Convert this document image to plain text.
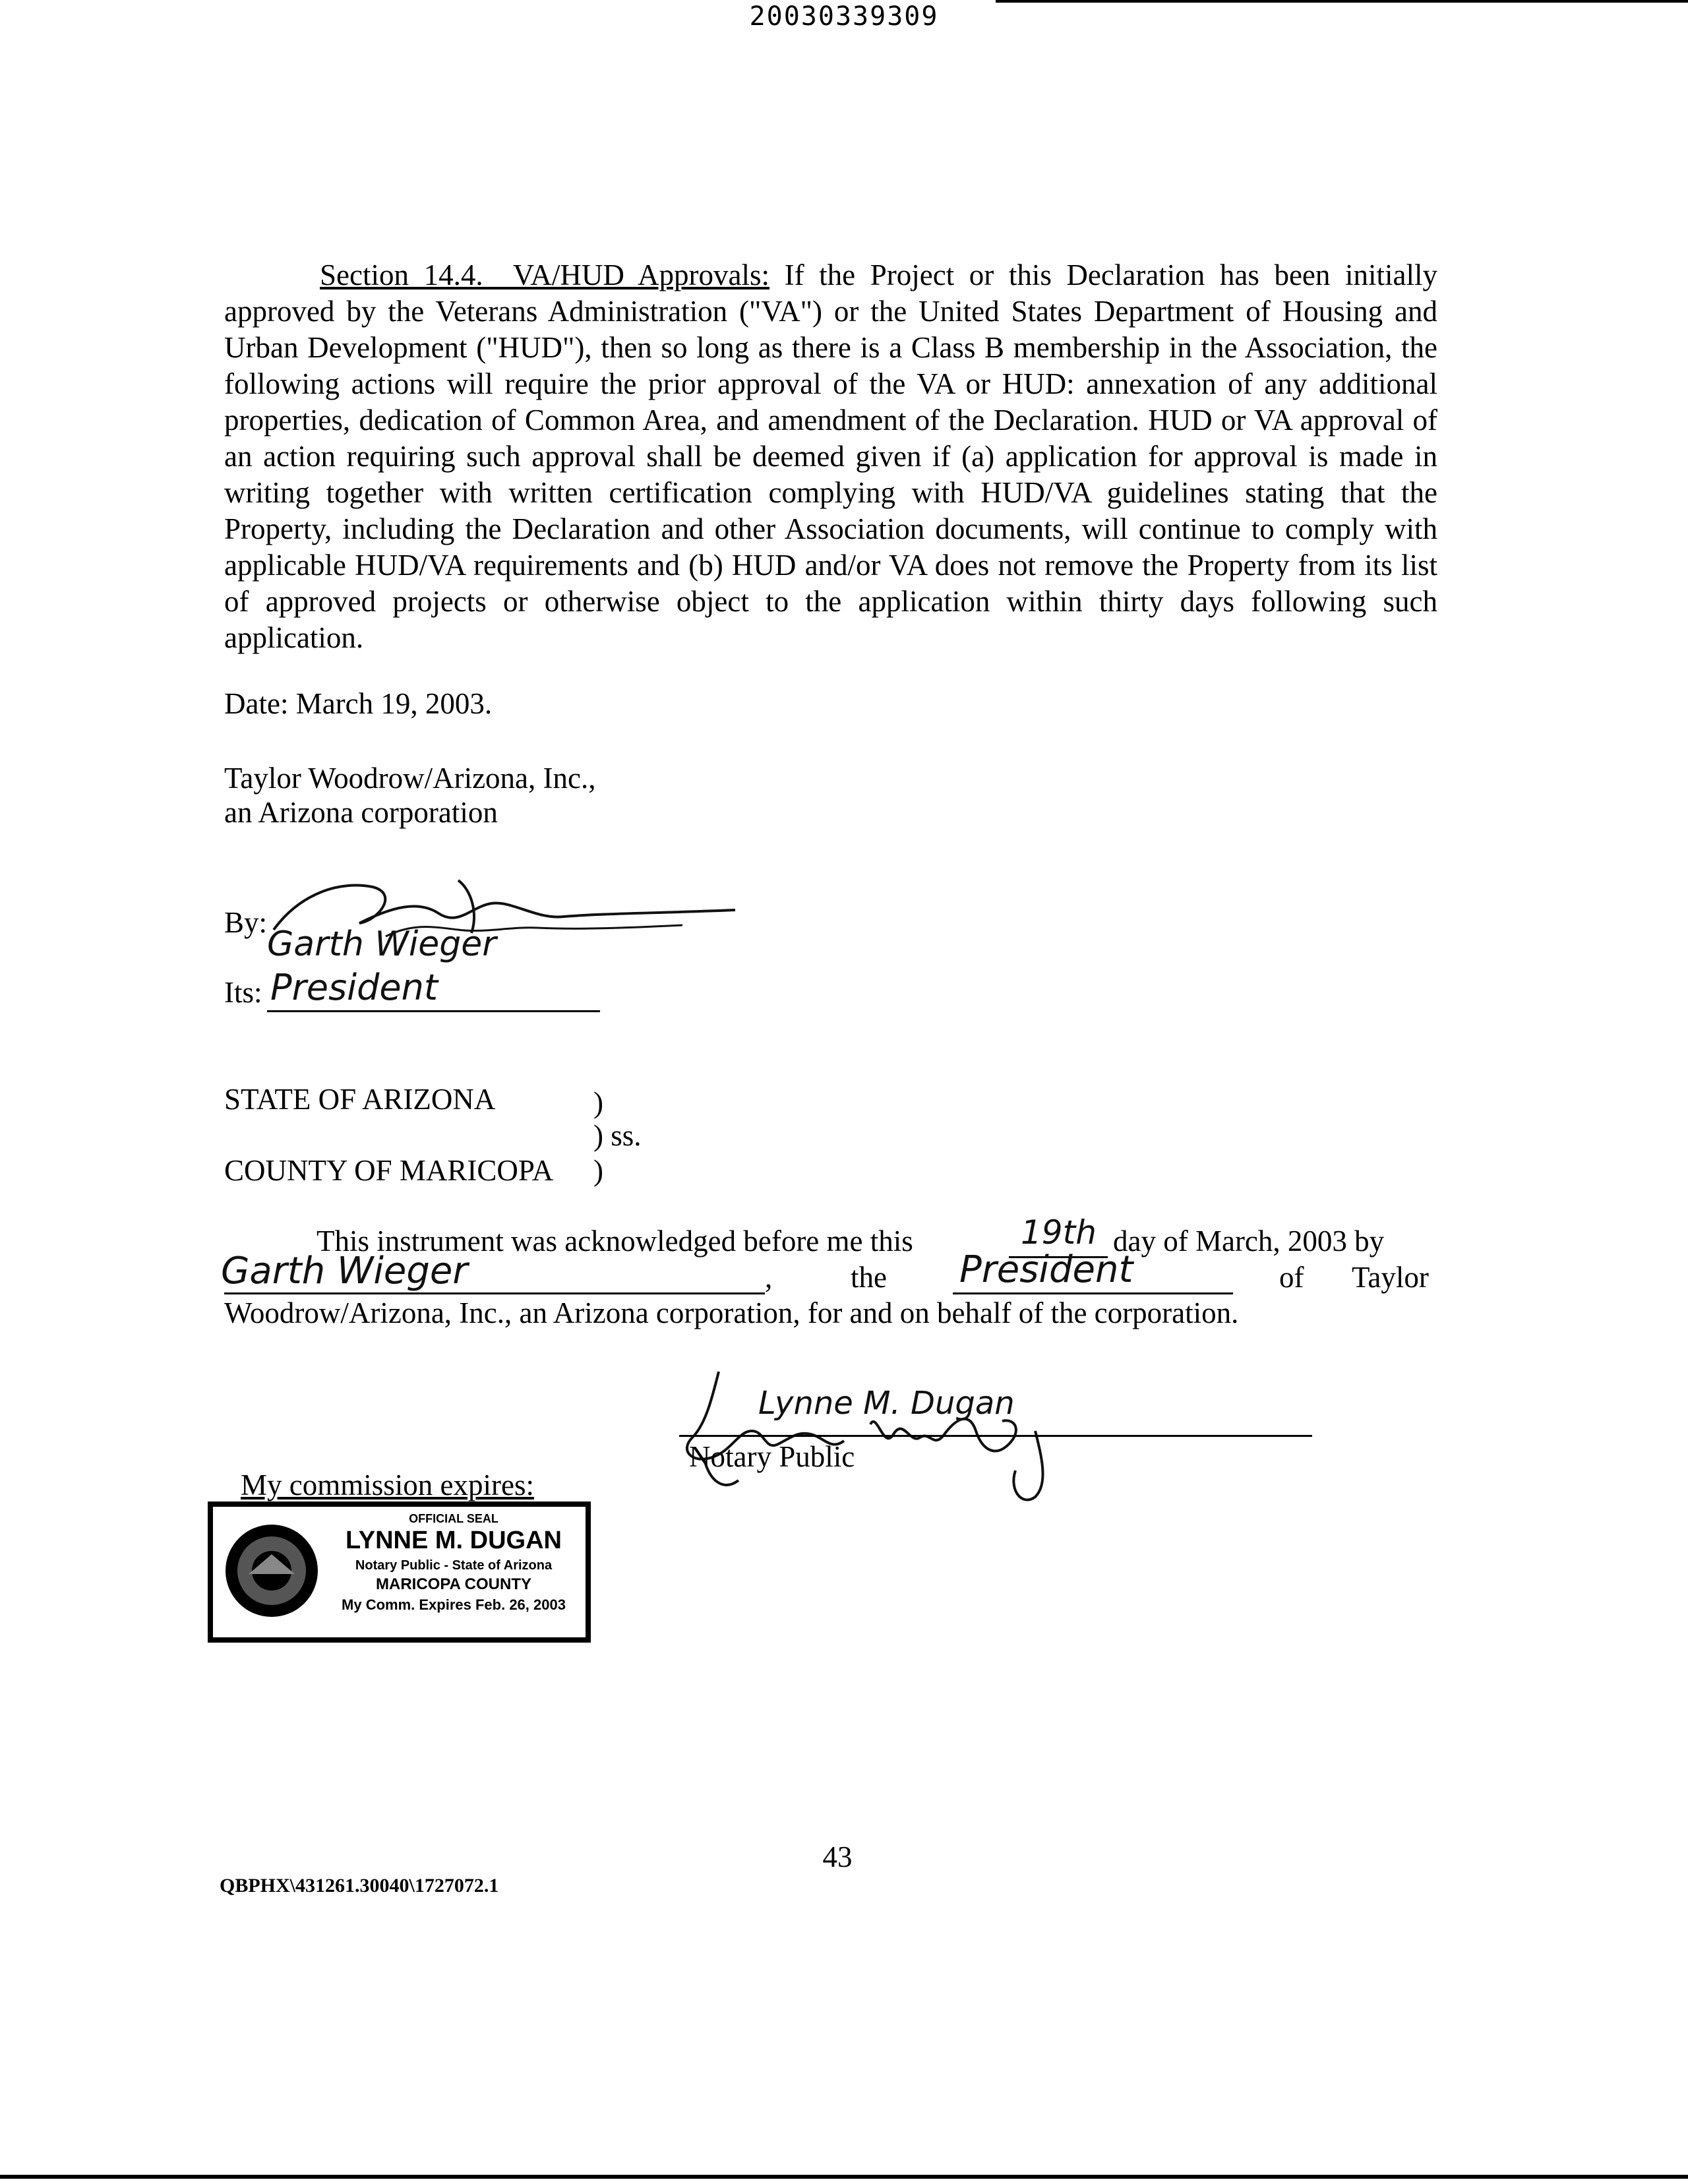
20030339309
Section 14.4.  VA/HUD Approvals: If the Project or this Declaration has been initially approved by the Veterans Administration ("VA") or the United States Department of Housing and Urban Development ("HUD"), then so long as there is a Class B membership in the Association, the following actions will require the prior approval of the VA or HUD: annexation of any additional properties, dedication of Common Area, and amendment of the Declaration. HUD or VA approval of an action requiring such approval shall be deemed given if (a) application for approval is made in writing together with written certification complying with HUD/VA guidelines stating that the Property, including the Declaration and other Association documents, will continue to comply with applicable HUD/VA requirements and (b) HUD and/or VA does not remove the Property from its list of approved projects or otherwise object to the application within thirty days following such application.
Date: March 19, 2003.
Taylor Woodrow/Arizona, Inc.,
an Arizona corporation
By:
Garth Wieger
Its: President
STATE OF ARIZONA	)
) ss.
COUNTY OF MARICOPA )
This instrument was acknowledged before me this	19th day of March, 2003 by
Garth Wieger	,	the President	of Taylor
Woodrow/Arizona, Inc., an Arizona corporation, for and on behalf of the corporation.
Lynne M. Dugan
Notary Public
My commission expires:
OFFICIAL SEAL
LYNNE M. DUGAN
Notary Public - State of Arizona
MARICOPA COUNTY
My Comm. Expires Feb. 26, 2003
43
QBPHX\431261.30040\1727072.1
